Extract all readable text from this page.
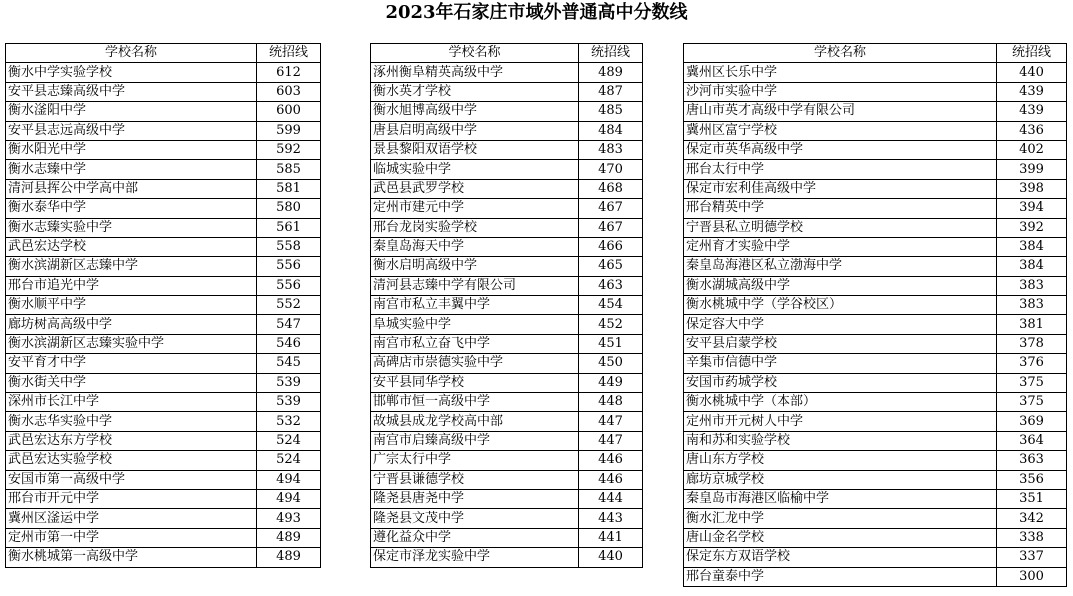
2023年石家庄市域外普通高中分数线
学校名称	统招线
衡水中学实验学校	612
安平县志臻高级中学	603
衡水滏阳中学	600
安平县志远高级中学	599
衡水阳光中学	592
衡水志臻中学	585
清河县挥公中学高中部	581
衡水泰华中学	580
衡水志臻实验中学	561
武邑宏达学校	558
衡水滨湖新区志臻中学	556
邢台市追光中学	556
衡水顺平中学	552
廊坊树高高级中学	547
衡水滨湖新区志臻实验中学	546
安平育才中学	545
衡水街关中学	539
深州市长江中学	539
衡水志华实验中学	532
武邑宏达东方学校	524
武邑宏达实验学校	524
安国市第一高级中学	494
邢台市开元中学	494
冀州区滏运中学	493
定州市第一中学	489
衡水桃城第一高级中学	489
学校名称	统招线
涿州衡阜精英高级中学	489
衡水英才学校	487
衡水旭博高级中学	485
唐县启明高级中学	484
景县黎阳双语学校	483
临城实验中学	470
武邑县武罗学校	468
定州市建元中学	467
邢台龙岗实验学校	467
秦皇岛海天中学	466
衡水启明高级中学	465
清河县志臻中学有限公司	463
南宫市私立丰翼中学	454
阜城实验中学	452
南宫市私立奋飞中学	451
高碑店市崇德实验中学	450
安平县同华学校	449
邯郸市恒一高级中学	448
故城县成龙学校高中部	447
南宫市启臻高级中学	447
广宗太行中学	446
宁晋县谦德学校	446
隆尧县唐尧中学	444
隆尧县文茂中学	443
遵化益众中学	441
保定市泽龙实验中学	440
学校名称	统招线
冀州区长乐中学	440
沙河市实验中学	439
唐山市英才高级中学有限公司	439
冀州区富宁学校	436
保定市英华高级中学	402
邢台太行中学	399
保定市宏利佳高级中学	398
邢台精英中学	394
宁晋县私立明德学校	392
定州育才实验中学	384
秦皇岛海港区私立渤海中学	384
衡水湖城高级中学	383
衡水桃城中学（学谷校区）	383
保定容大中学	381
安平县启蒙学校	378
辛集市信德中学	376
安国市药城学校	375
衡水桃城中学（本部）	375
定州市开元树人中学	369
南和苏和实验学校	364
唐山东方学校	363
廊坊京城学校	356
秦皇岛市海港区临榆中学	351
衡水汇龙中学	342
唐山金名学校	338
保定东方双语学校	337
邢台童泰中学	300
